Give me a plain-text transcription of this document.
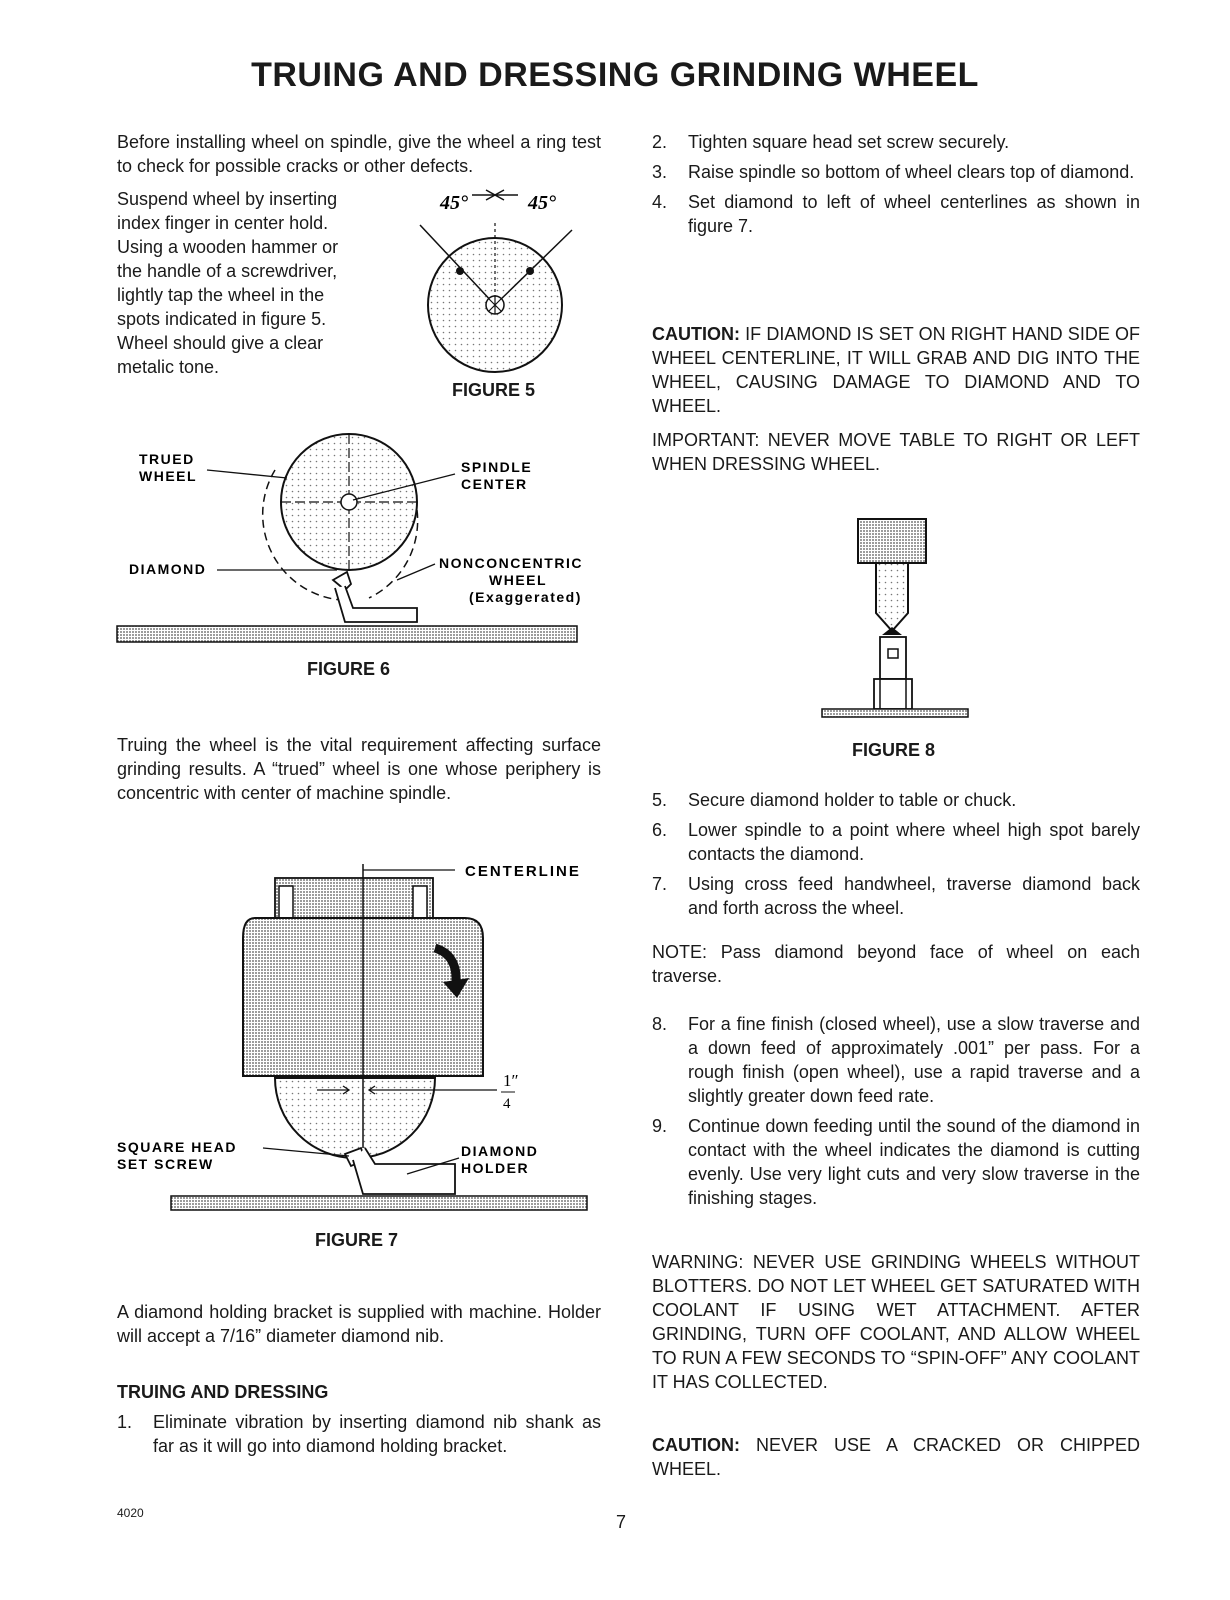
TRUING AND DRESSING GRINDING WHEEL

Before installing wheel on spindle, give the wheel a ring test to check for possible cracks or other defects.

Suspend wheel by inserting
index finger in center hold.
Using a wooden hammer or
the handle of a screwdriver,
lightly tap the wheel in the
spots indicated in figure 5.
Wheel should give a clear
metalic tone.
45°	45°
FIGURE 5
TRUED
WHEEL
SPINDLE
CENTER
DIAMOND	NONCONCENTRIC
WHEEL
(Exaggerated)
FIGURE 6

Truing the wheel is the vital requirement affecting surface grinding results. A “trued” wheel is one whose periphery is concentric with center of machine spindle.

CENTERLINE
1″
4
SQUARE HEAD
SET SCREW
DIAMOND
HOLDER
FIGURE 7

A diamond holding bracket is supplied with machine. Holder will accept a 7/16” diameter diamond nib.

TRUING AND DRESSING
1.	Eliminate vibration by inserting diamond nib shank as far as it will go into diamond holding bracket.
2.	Tighten square head set screw securely.
3.	Raise spindle so bottom of wheel clears top of diamond.
4.	Set diamond to left of wheel centerlines as shown in figure 7.

CAUTION: IF DIAMOND IS SET ON RIGHT HAND SIDE OF WHEEL CENTERLINE, IT WILL GRAB AND DIG INTO THE WHEEL, CAUSING DAMAGE TO DIAMOND AND TO WHEEL.

IMPORTANT: NEVER MOVE TABLE TO RIGHT OR LEFT WHEN DRESSING WHEEL.

FIGURE 8
5.	Secure diamond holder to table or chuck.
6.	Lower spindle to a point where wheel high spot barely contacts the diamond.
7.	Using cross feed handwheel, traverse diamond back and forth across the wheel.

NOTE: Pass diamond beyond face of wheel on each traverse.

8.	For a fine finish (closed wheel), use a slow traverse and a down feed of approximately .001” per pass. For a rough finish (open wheel), use a rapid traverse and a slightly greater down feed rate.
9.	Continue down feeding until the sound of the diamond in contact with the wheel indicates the diamond is cutting evenly. Use very light cuts and very slow traverse in the finishing stages.

WARNING: NEVER USE GRINDING WHEELS WITHOUT BLOTTERS. DO NOT LET WHEEL GET SATURATED WITH COOLANT IF USING WET ATTACHMENT. AFTER GRINDING, TURN OFF COOLANT, AND ALLOW WHEEL TO RUN A FEW SECONDS TO “SPIN-OFF” ANY COOLANT IT HAS COLLECTED.

CAUTION: NEVER USE A CRACKED OR CHIPPED WHEEL.

4020	7
